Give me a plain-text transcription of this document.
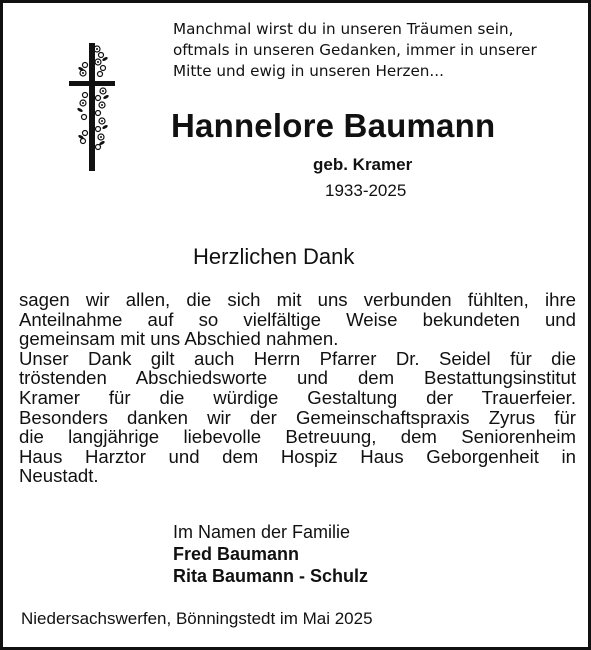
Manchmal wirst du in unseren Träumen sein,
oftmals in unseren Gedanken, immer in unserer
Mitte und ewig in unseren Herzen...
Hannelore Baumann
geb. Kramer
1933-2025
Herzlichen Dank
sagen wir allen, die sich mit uns verbunden fühlten, ihre
Anteilnahme auf so vielfältige Weise bekundeten und
gemeinsam mit uns Abschied nahmen.
Unser Dank gilt auch Herrn Pfarrer Dr. Seidel für die
tröstenden Abschiedsworte und dem Bestattungsinstitut
Kramer für die würdige Gestaltung der Trauerfeier.
Besonders danken wir der Gemeinschaftspraxis Zyrus für
die langjährige liebevolle Betreuung, dem Seniorenheim
Haus Harztor und dem Hospiz Haus Geborgenheit in
Neustadt.
Im Namen der Familie
Fred Baumann
Rita Baumann - Schulz
Niedersachswerfen, Bönningstedt im Mai 2025
